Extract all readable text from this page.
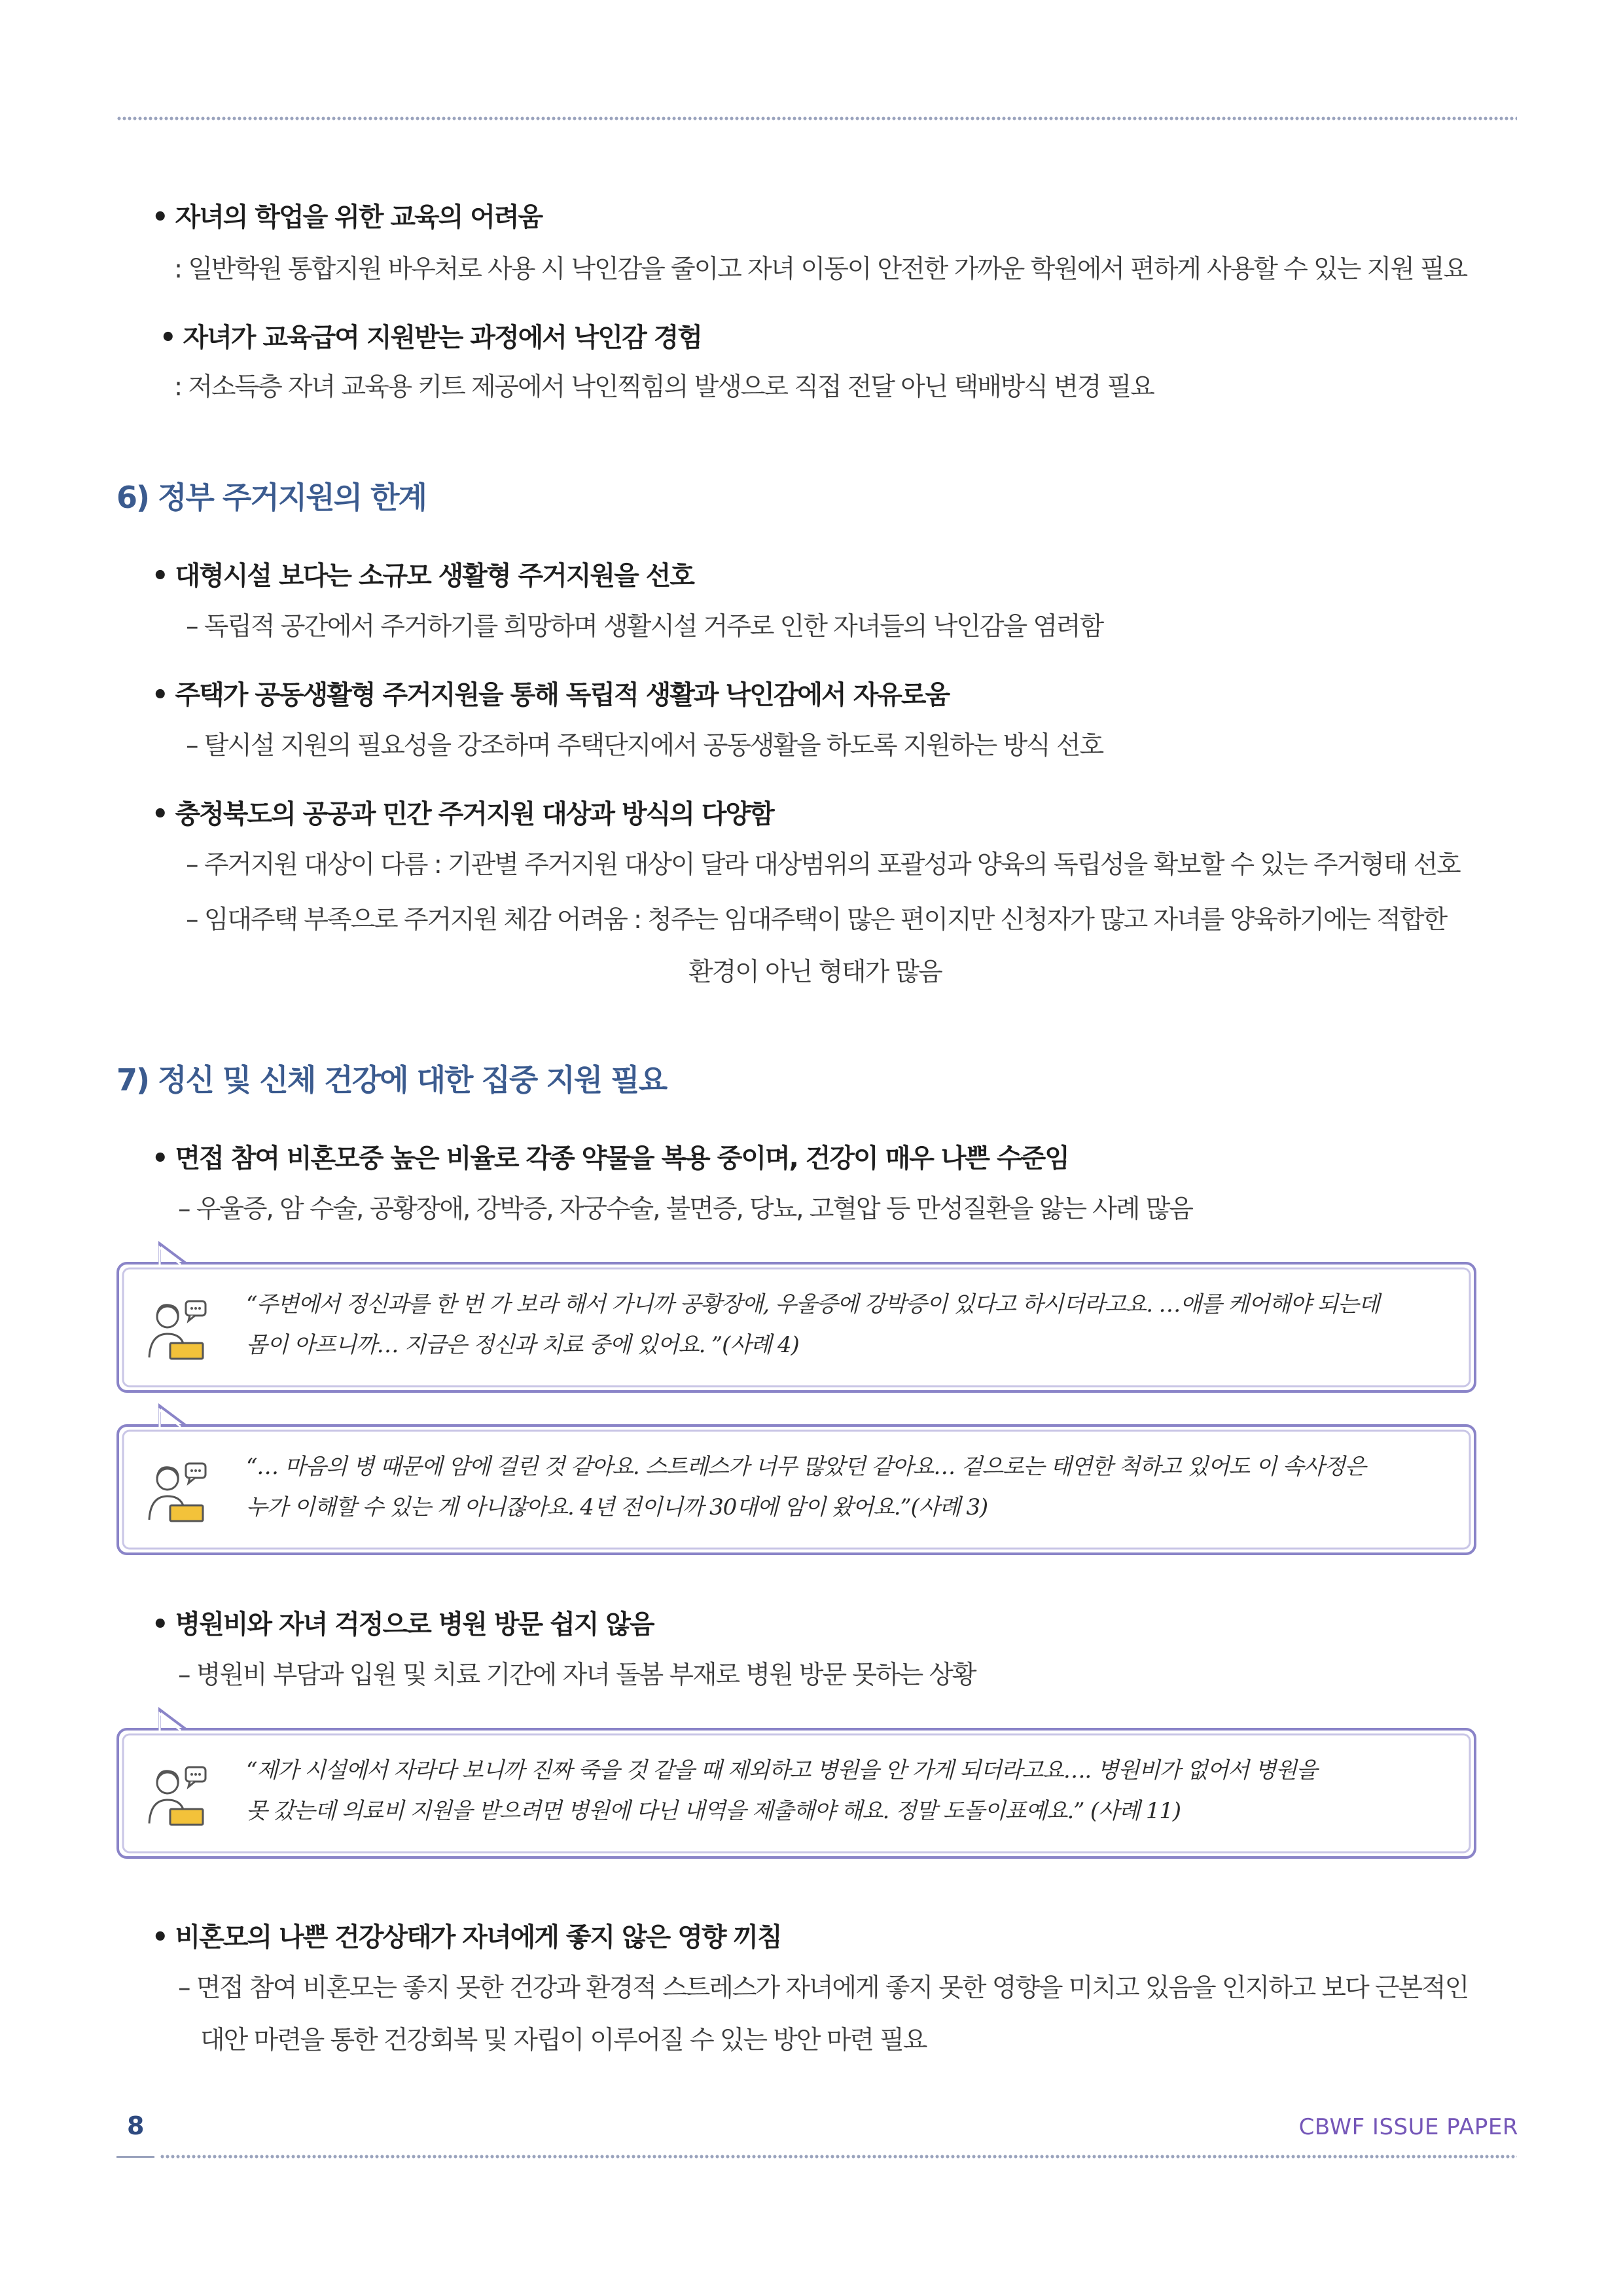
• 자녀의 학업을 위한 교육의 어려움
: 일반학원 통합지원 바우처로 사용 시 낙인감을 줄이고 자녀 이동이 안전한 가까운 학원에서 편하게 사용할 수 있는 지원 필요
• 자녀가 교육급여 지원받는 과정에서 낙인감 경험
: 저소득층 자녀 교육용 키트 제공에서 낙인찍힘의 발생으로 직접 전달 아닌 택배방식 변경 필요
6) 정부 주거지원의 한계
• 대형시설 보다는 소규모 생활형 주거지원을 선호
– 독립적 공간에서 주거하기를 희망하며 생활시설 거주로 인한 자녀들의 낙인감을 염려함
• 주택가 공동생활형 주거지원을 통해 독립적 생활과 낙인감에서 자유로움
– 탈시설 지원의 필요성을 강조하며 주택단지에서 공동생활을 하도록 지원하는 방식 선호
• 충청북도의 공공과 민간 주거지원 대상과 방식의 다양함
– 주거지원 대상이 다름 : 기관별 주거지원 대상이 달라 대상범위의 포괄성과 양육의 독립성을 확보할 수 있는 주거형태 선호
– 임대주택 부족으로 주거지원 체감 어려움 : 청주는 임대주택이 많은 편이지만 신청자가 많고 자녀를 양육하기에는 적합한
환경이 아닌 형태가 많음
7) 정신 및 신체 건강에 대한 집중 지원 필요
• 면접 참여 비혼모중 높은 비율로 각종 약물을 복용 중이며, 건강이 매우 나쁜 수준임
– 우울증, 암 수술, 공황장애, 강박증, 자궁수술, 불면증, 당뇨, 고혈압 등 만성질환을 앓는 사례 많음
“주변에서 정신과를 한 번 가 보라 해서 가니까 공황장애, 우울증에 강박증이 있다고 하시더라고요. …애를 케어해야 되는데
몸이 아프니까… 지금은 정신과 치료 중에 있어요. ”(사례 4)
“… 마음의 병 때문에 암에 걸린 것 같아요. 스트레스가 너무 많았던 같아요… 겉으로는 태연한 척하고 있어도 이 속사정은
누가 이해할 수 있는 게 아니잖아요. 4년 전이니까 30대에 암이 왔어요.”(사례 3)
• 병원비와 자녀 걱정으로 병원 방문 쉽지 않음
– 병원비 부담과 입원 및 치료 기간에 자녀 돌봄 부재로 병원 방문 못하는 상황
“제가 시설에서 자라다 보니까 진짜 죽을 것 같을 때 제외하고 병원을 안 가게 되더라고요…. 병원비가 없어서 병원을
못 갔는데 의료비 지원을 받으려면 병원에 다닌 내역을 제출해야 해요. 정말 도돌이표예요.” (사례 11)
• 비혼모의 나쁜 건강상태가 자녀에게 좋지 않은 영향 끼침
– 면접 참여 비혼모는 좋지 못한 건강과 환경적 스트레스가 자녀에게 좋지 못한 영향을 미치고 있음을 인지하고 보다 근본적인
대안 마련을 통한 건강회복 및 자립이 이루어질 수 있는 방안 마련 필요
8	CBWF ISSUE PAPER
